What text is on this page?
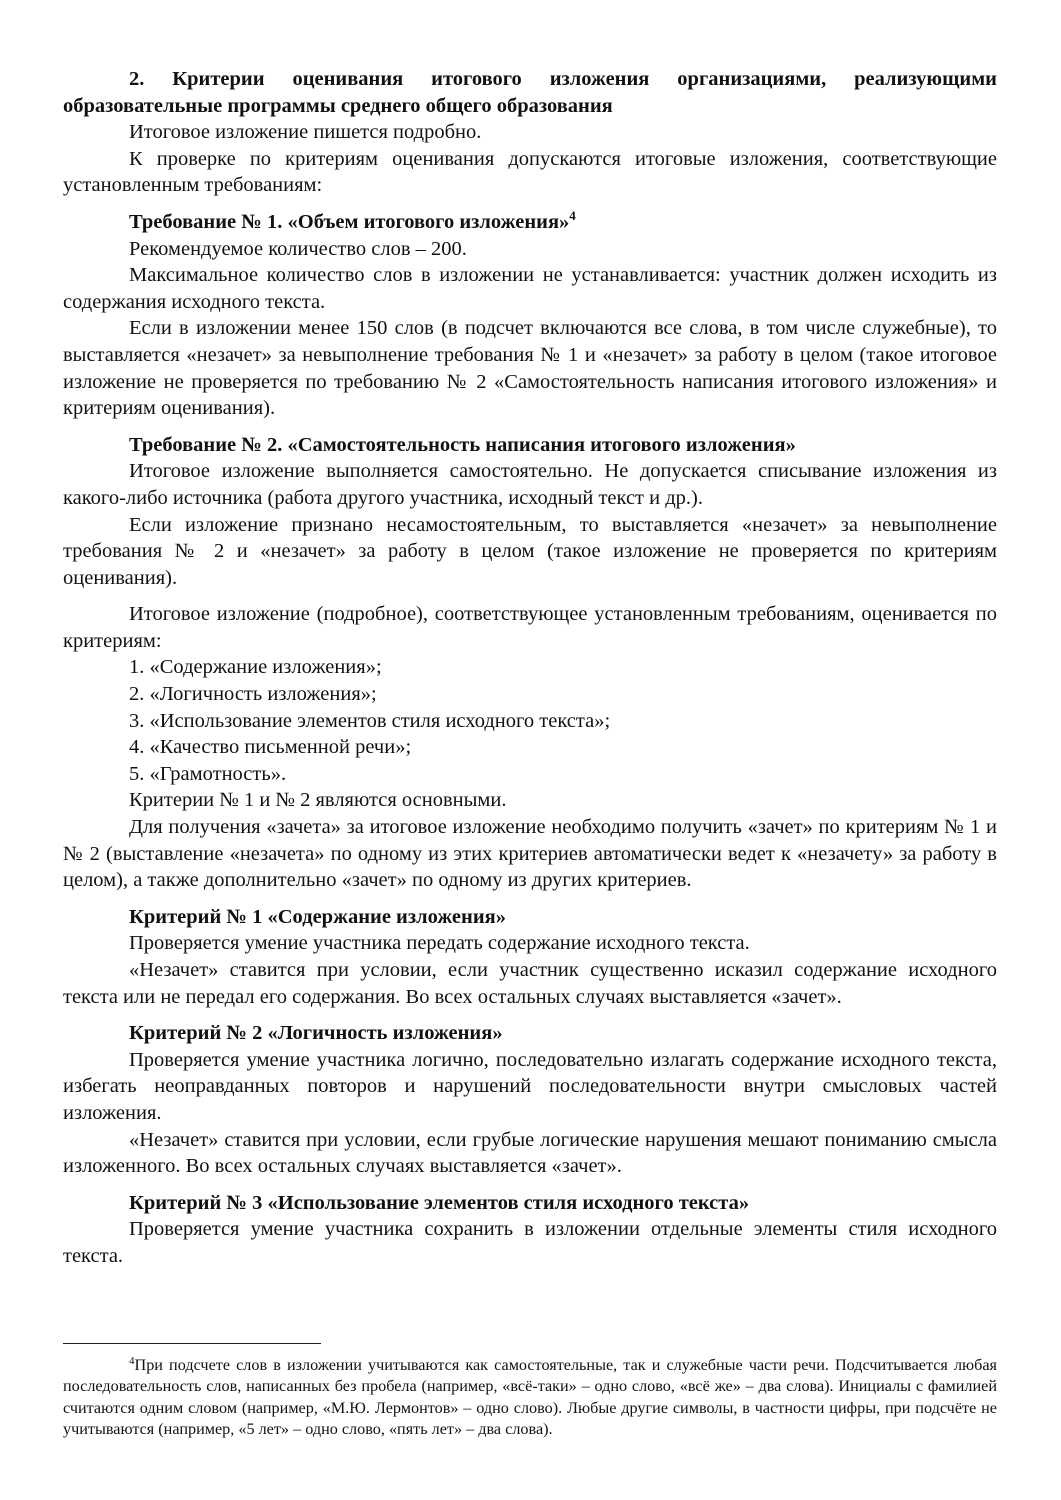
2. Критерии оценивания итогового изложения организациями, реализующими образовательные программы среднего общего образования

Итоговое изложение пишется подробно.

К проверке по критериям оценивания допускаются итоговые изложения, соответствующие установленным требованиям:

Требование № 1. «Объем итогового изложения»$^4$

Рекомендуемое количество слов – 200.

Максимальное количество слов в изложении не устанавливается: участник должен исходить из содержания исходного текста.

Если в изложении менее 150 слов (в подсчет включаются все слова, в том числе служебные), то выставляется «незачет» за невыполнение требования № 1 и «незачет» за работу в целом (такое итоговое изложение не проверяется по требованию № 2 «Самостоятельность написания итогового изложения» и критериям оценивания).

Требование № 2. «Самостоятельность написания итогового изложения»

Итоговое изложение выполняется самостоятельно. Не допускается списывание изложения из какого-либо источника (работа другого участника, исходный текст и др.).

Если изложение признано несамостоятельным, то выставляется «незачет» за невыполнение требования № 2 и «незачет» за работу в целом (такое изложение не проверяется по критериям оценивания).

Итоговое изложение (подробное), соответствующее установленным требованиям, оценивается по критериям:

1. «Содержание изложения»;

2. «Логичность изложения»;

3. «Использование элементов стиля исходного текста»;

4. «Качество письменной речи»;

5. «Грамотность».

Критерии № 1 и № 2 являются основными.

Для получения «зачета» за итоговое изложение необходимо получить «зачет» по критериям № 1 и № 2 (выставление «незачета» по одному из этих критериев автоматически ведет к «незачету» за работу в целом), а также дополнительно «зачет» по одному из других критериев.

Критерий № 1 «Содержание изложения»

Проверяется умение участника передать содержание исходного текста.

«Незачет» ставится при условии, если участник существенно исказил содержание исходного текста или не передал его содержания. Во всех остальных случаях выставляется «зачет».

Критерий № 2 «Логичность изложения»

Проверяется умение участника логично, последовательно излагать содержание исходного текста, избегать неоправданных повторов и нарушений последовательности внутри смысловых частей изложения.

«Незачет» ставится при условии, если грубые логические нарушения мешают пониманию смысла изложенного. Во всех остальных случаях выставляется «зачет».

Критерий № 3 «Использование элементов стиля исходного текста»

Проверяется умение участника сохранить в изложении отдельные элементы стиля исходного текста.

$^4$При подсчете слов в изложении учитываются как самостоятельные, так и служебные части речи. Подсчитывается любая последовательность слов, написанных без пробела (например, «всё-таки» – одно слово, «всё же» – два слова). Инициалы с фамилией считаются одним словом (например, «М.Ю. Лермонтов» – одно слово). Любые другие символы, в частности цифры, при подсчёте не учитываются (например, «5 лет» – одно слово, «пять лет» – два слова).
